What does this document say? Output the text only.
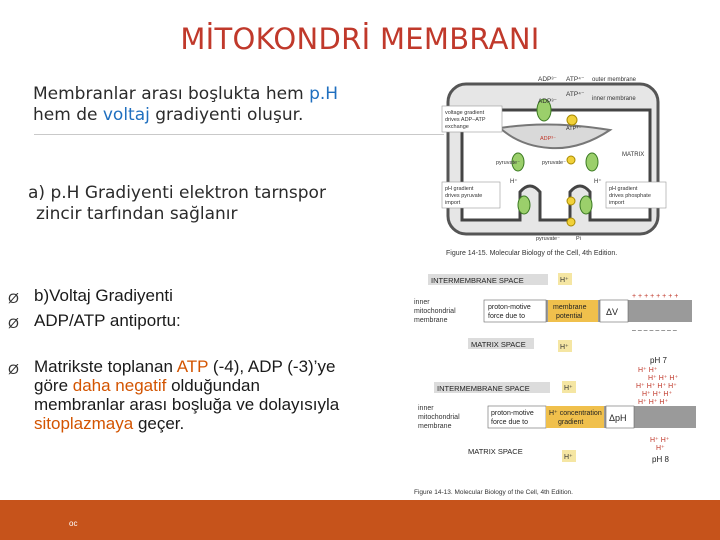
MİTOKONDRİ MEMBRANI
Membranlar arası boşlukta hem p.H
hem de voltaj gradiyenti oluşur.
a) p.H Gradiyenti elektron tarnspor
zincir tarfından sağlanır
Ø b)Voltaj Gradiyenti
Ø ADP/ATP antiportu:
Ø Matrikste toplanan ATP (-4), ADP (-3)’ye
göre daha negatif olduğundan
membranlar arası boşluğa ve dolayısıyla
sitoplazmaya geçer.
ADP³⁻ ATP⁴⁻ outer membrane
ADP³⁻
ATP⁴⁻
inner membrane
voltage gradient
drives ADP–ATP
exchange	ATP⁴⁻
ADP³⁻
MATRIX
pyruvate⁻	pyruvate⁻
pH gradient
drives pyruvate
import
pH gradient
drives phosphate
import
H⁺	H⁺
pyruvate⁻	Pi
Figure 14-15. Molecular Biology of the Cell, 4th Edition.
INTERMEMBRANE SPACE	H⁺
inner
mitochondrial
membrane
proton-motive
force due to
membrane
potential	ΔV
+ + + + + + + +
– – – – – – – –
MATRIX SPACE	H⁺
INTERMEMBRANE SPACE	H⁺
inner
mitochondrial
membrane
proton-motive
force due to
H⁺ concentration
gradient	ΔpH
MATRIX SPACE
H⁺
pH 7
H⁺ H⁺
H⁺ H⁺ H⁺
H⁺ H⁺ H⁺ H⁺
H⁺ H⁺ H⁺
H⁺ H⁺ H⁺
H⁺ H⁺
H⁺
pH 8
Figure 14-13. Molecular Biology of the Cell, 4th Edition.
oc
